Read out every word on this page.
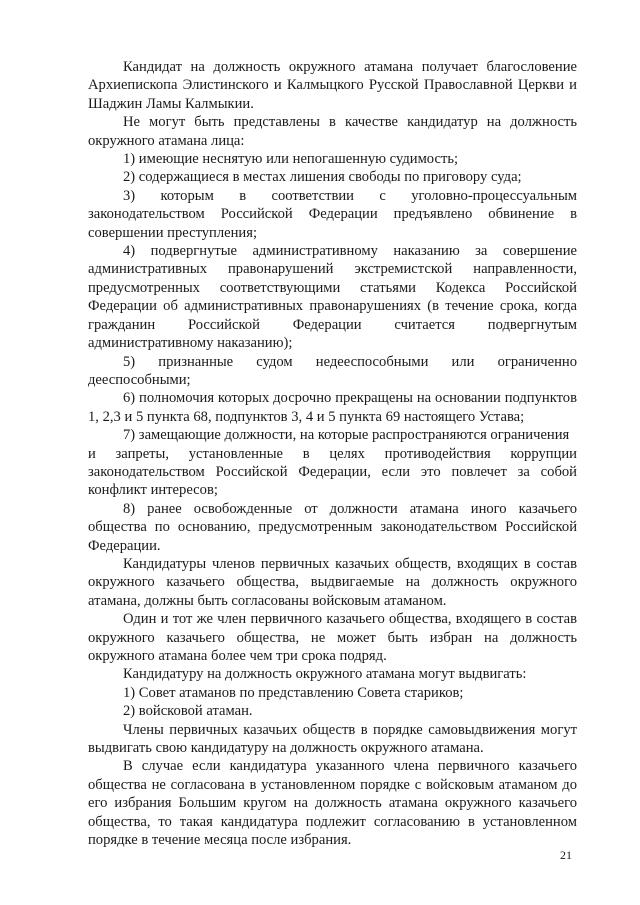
Кандидат на должность окружного атамана получает благословение Архиепископа Элистинского и Калмыцкого Русской Православной Церкви и Шаджин Ламы Калмыкии.

Не могут быть представлены в качестве кандидатур на должность окружного атамана лица:

1) имеющие неснятую или непогашенную судимость;

2) содержащиеся в местах лишения свободы по приговору суда;

3) которым в соответствии с уголовно-процессуальным законодательством Российской Федерации предъявлено обвинение в совершении преступления;

4) подвергнутые административному наказанию за совершение административных правонарушений экстремистской направленности, предусмотренных соответствующими статьями Кодекса Российской Федерации об административных правонарушениях (в течение срока, когда гражданин Российской Федерации считается подвергнутым административному наказанию);

5) признанные судом недееспособными или ограниченно дееспособными;

6) полномочия которых досрочно прекращены на основании подпунктов 1, 2,3 и 5 пункта 68, подпунктов 3, 4 и 5 пункта 69 настоящего Устава;

7) замещающие должности, на которые распространяются ограничения

и запреты, установленные в целях противодействия коррупции законодательством Российской Федерации, если это повлечет за собой конфликт интересов;

8) ранее освобожденные от должности атамана иного казачьего общества по основанию, предусмотренным законодательством Российской Федерации.

Кандидатуры членов первичных казачьих обществ, входящих в состав окружного казачьего общества, выдвигаемые на должность окружного атамана, должны быть согласованы войсковым атаманом.

Один и тот же член первичного казачьего общества, входящего в состав окружного казачьего общества, не может быть избран на должность окружного атамана более чем три срока подряд.

Кандидатуру на должность окружного атамана могут выдвигать:

1) Совет атаманов по представлению Совета стариков;

2) войсковой атаман.

Члены первичных казачьих обществ в порядке самовыдвижения могут выдвигать свою кандидатуру на должность окружного атамана.

В случае если кандидатура указанного члена первичного казачьего общества не согласована в установленном порядке с войсковым атаманом до его избрания Большим кругом на должность атамана окружного казачьего общества, то такая кандидатура подлежит согласованию в установленном порядке в течение месяца после избрания.

21
